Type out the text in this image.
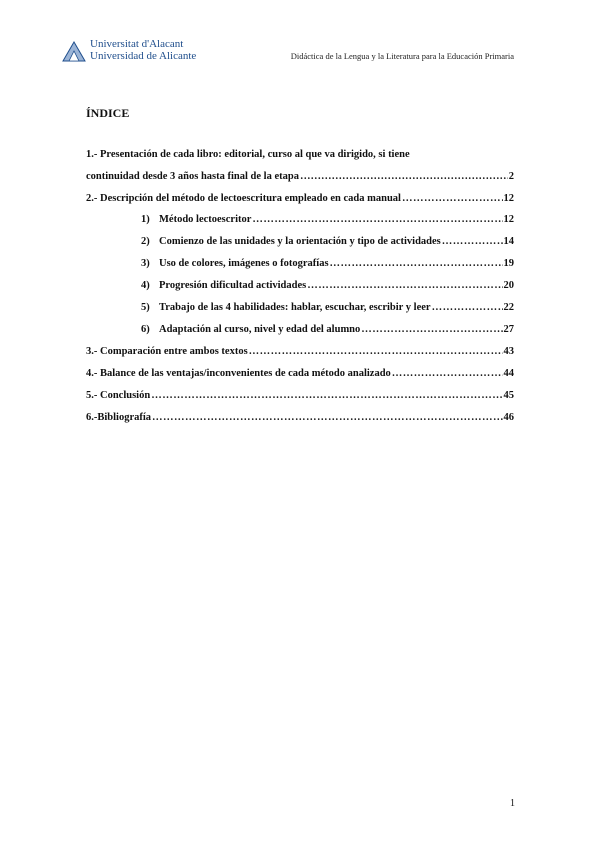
Universitat d'Alacant
Universidad de Alicante	Didáctica de la Lengua y la Literatura para la Educación Primaria
ÍNDICE
1.- Presentación de cada libro: editorial, curso al que va dirigido, si tiene
continuidad desde 3 años hasta final de la etapa ……………………………………………………………………………………………………………………………………………	2
2.- Descripción del método de lectoescritura empleado en cada manual ……………………………………………………………………………………………………………………………………………	12
1) Método lectoescritor ……………………………………………………………………………………………………………………………………………	12
2) Comienzo de las unidades y la orientación y tipo de actividades ……………………………………………………………………………………………………………………………………………	14
3) Uso de colores, imágenes o fotografías ……………………………………………………………………………………………………………………………………………	19
4) Progresión dificultad actividades ……………………………………………………………………………………………………………………………………………	20
5) Trabajo de las 4 habilidades: hablar, escuchar, escribir y leer ……………………………………………………………………………………………………………………………………………	22
6) Adaptación al curso, nivel y edad del alumno ……………………………………………………………………………………………………………………………………………	27
3.- Comparación entre ambos textos ……………………………………………………………………………………………………………………………………………	43
4.- Balance de las ventajas/inconvenientes de cada método analizado ……………………………………………………………………………………………………………………………………………	44
5.- Conclusión ……………………………………………………………………………………………………………………………………………	45
6.-Bibliografía ……………………………………………………………………………………………………………………………………………	46
1
